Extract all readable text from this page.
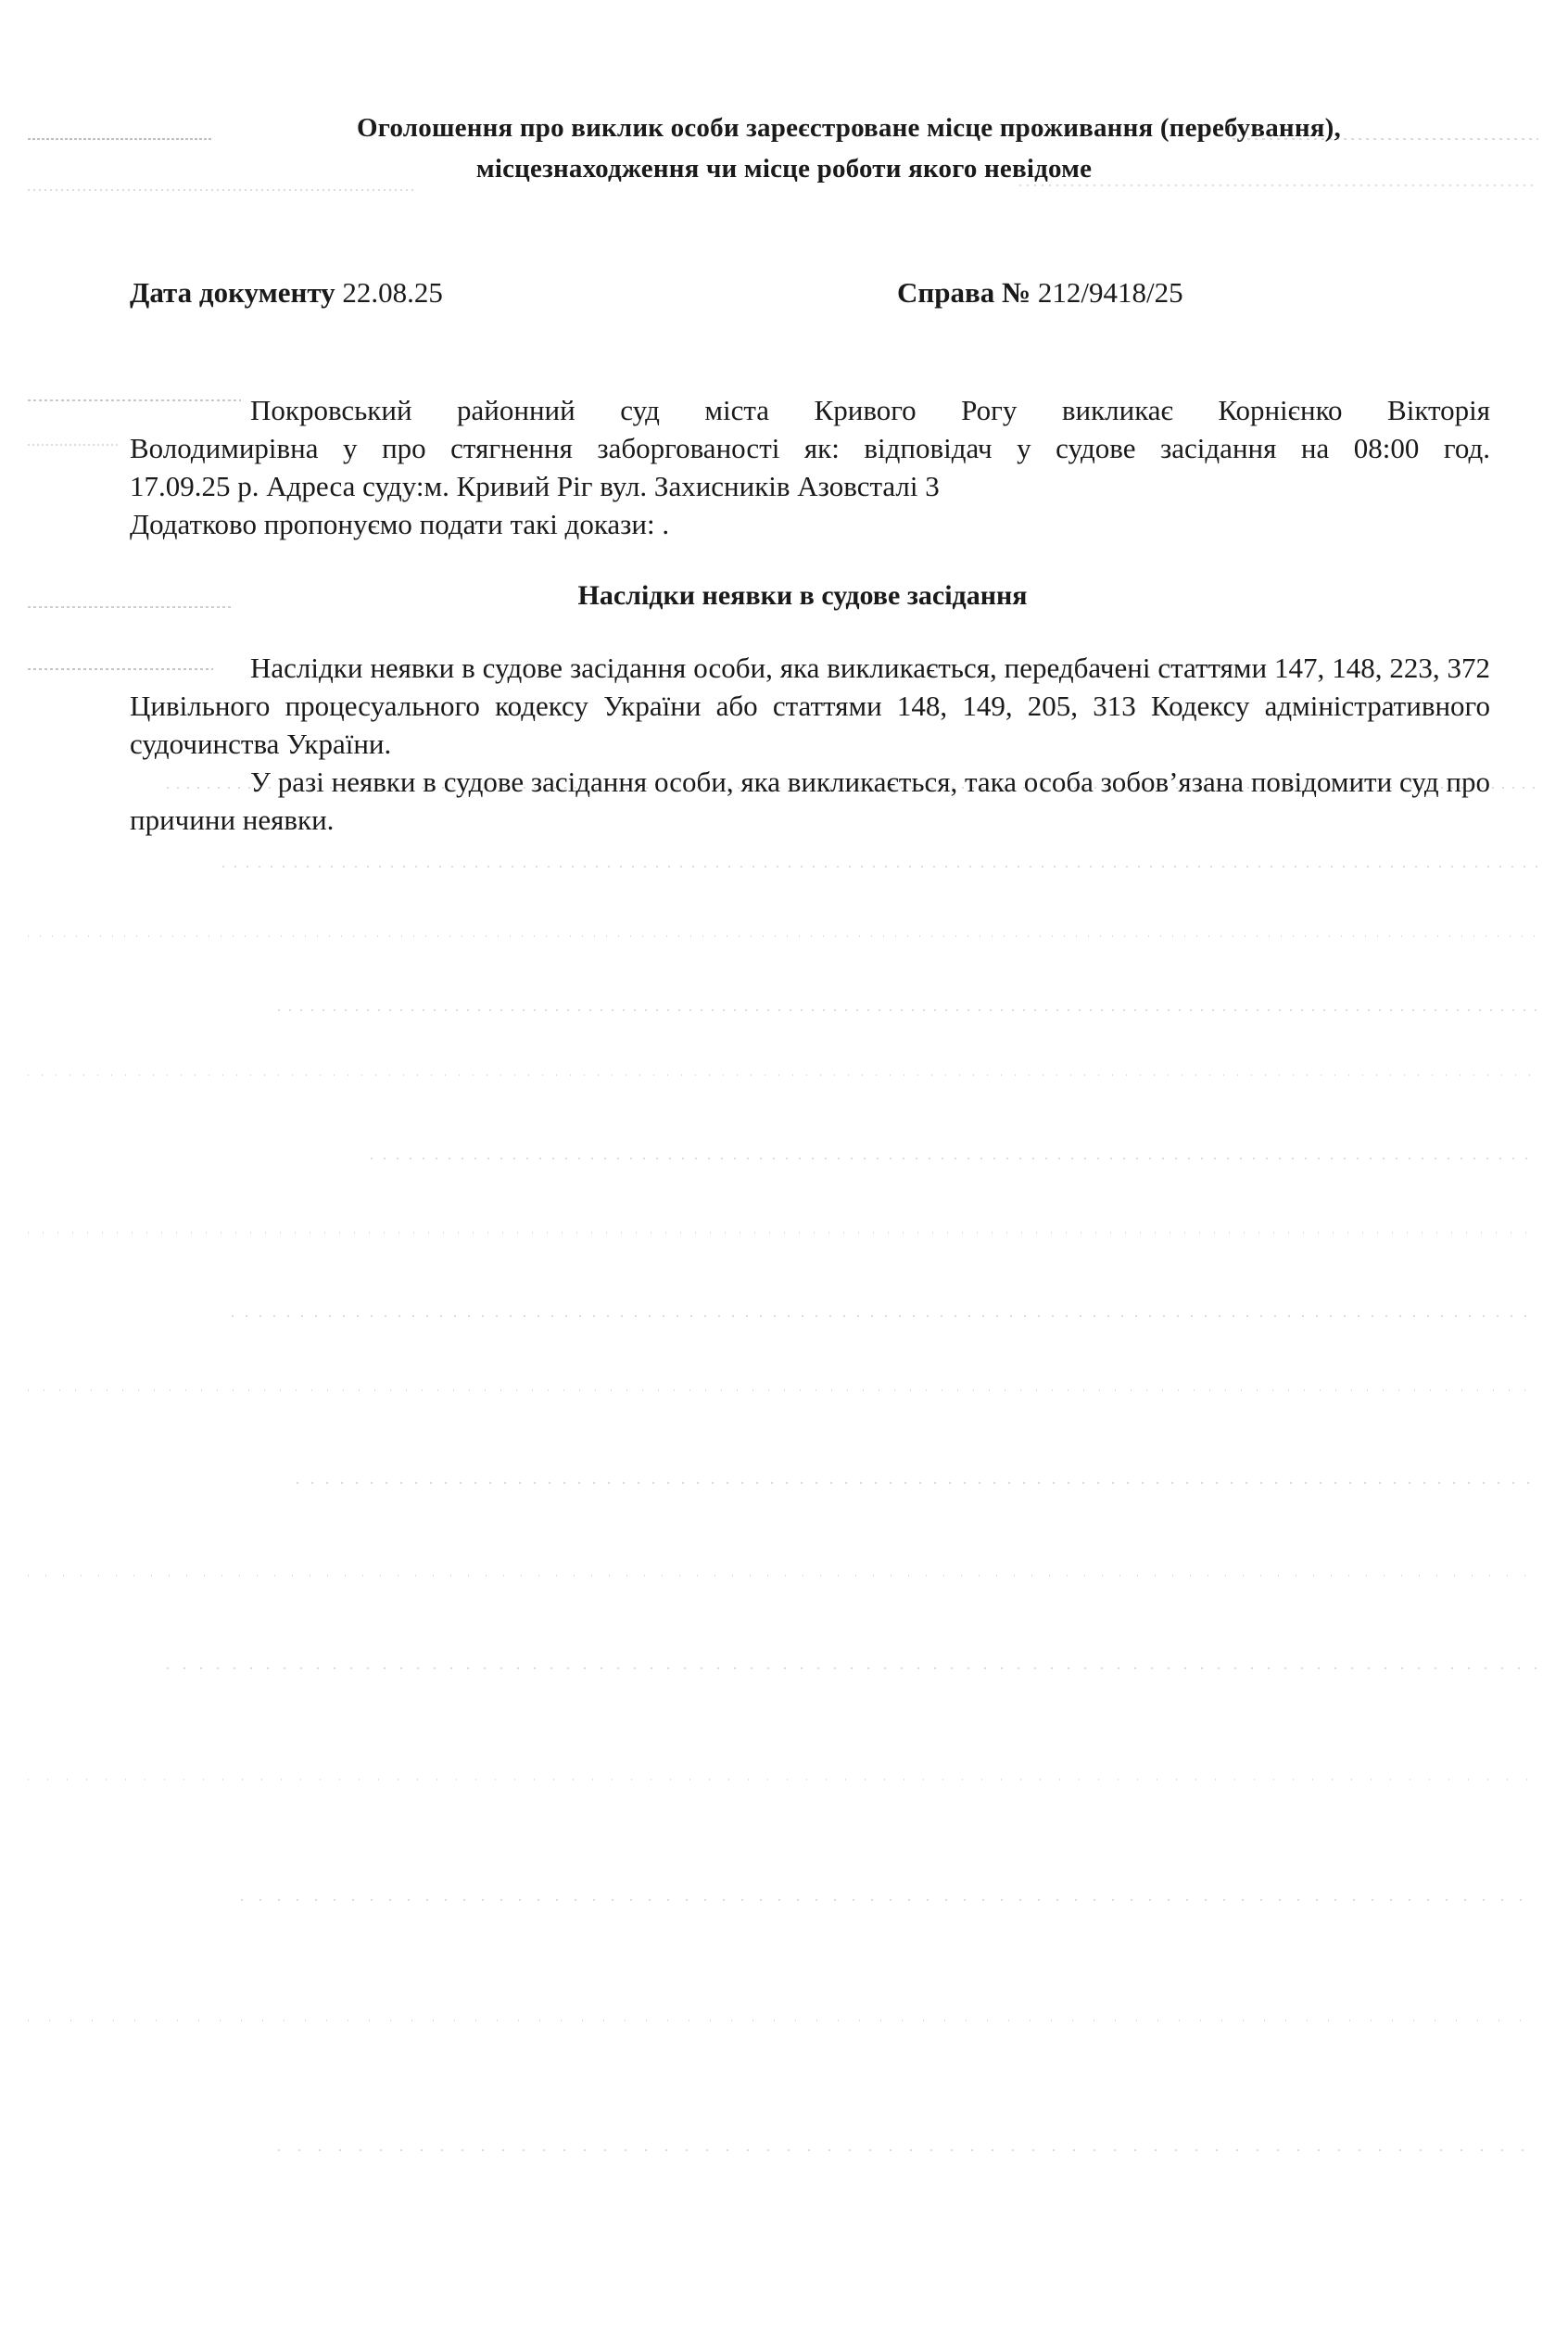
Оголошення про виклик особи зареєстроване місце проживання (перебування),
місцезнаходження чи місце роботи якого невідоме
Дата документу 22.08.25	Справа № 212/9418/25
Покровський районний суд міста Кривого Рогу викликає Корнієнко Вікторія
Володимирівна у про стягнення заборгованості як: відповідач у судове засідання на 08:00 год.
17.09.25 р. Адреса суду:м. Кривий Ріг вул. Захисників Азовсталі 3
Додатково пропонуємо подати такі докази: .
Наслідки неявки в судове засідання

Наслідки неявки в судове засідання особи, яка викликається, передбачені статтями 147, 148, 223, 372 Цивільного процесуального кодексу України або статтями 148, 149, 205, 313 Кодексу адміністративного судочинства України.

У разі неявки в судове засідання особи, яка викликається, така особа зобов’язана повідомити суд про причини неявки.
